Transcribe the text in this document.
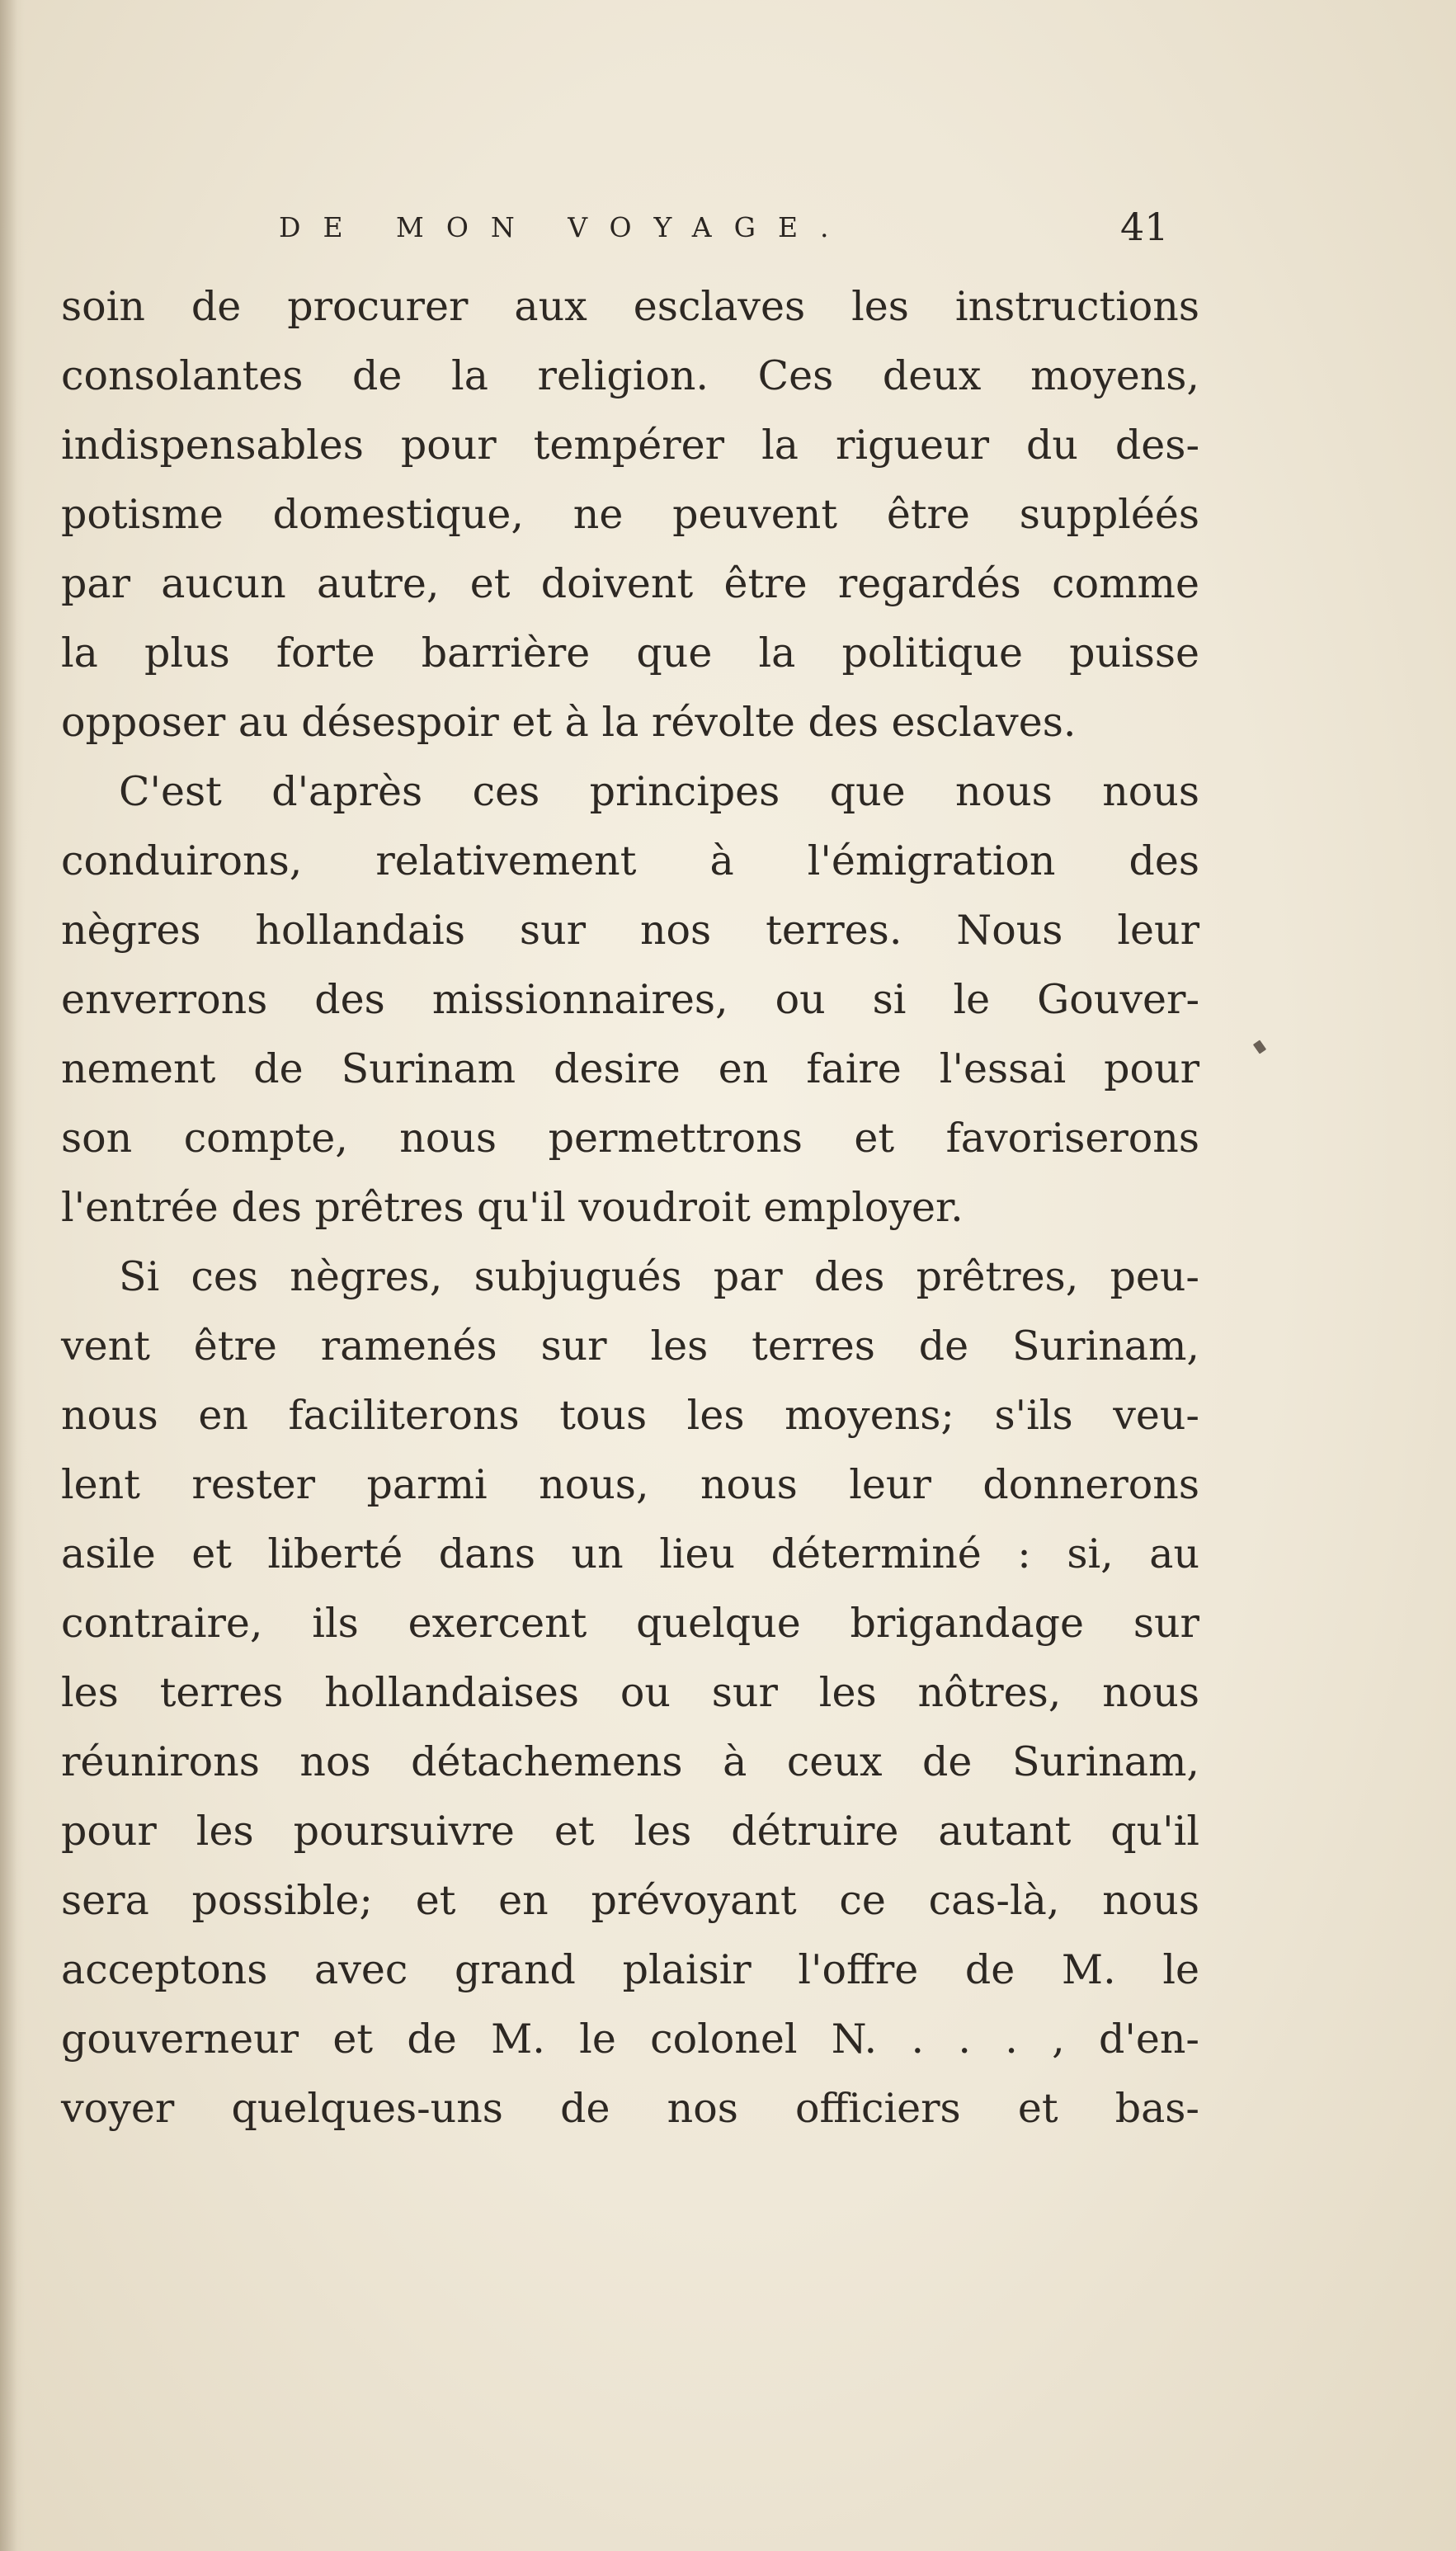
DE MON VOYAGE.	41
soin de procurer aux esclaves les instructions
consolantes de la religion. Ces deux moyens,
indispensables pour tempérer la rigueur du des-
potisme domestique, ne peuvent être suppléés
par aucun autre, et doivent être regardés comme
la plus forte barrière que la politique puisse
opposer au désespoir et à la révolte des esclaves.
C'est d'après ces principes que nous nous
conduirons, relativement à l'émigration des
nègres hollandais sur nos terres. Nous leur
enverrons des missionnaires, ou si le Gouver-
nement de Surinam desire en faire l'essai pour
son compte, nous permettrons et favoriserons
l'entrée des prêtres qu'il voudroit employer.
Si ces nègres, subjugués par des prêtres, peu-
vent être ramenés sur les terres de Surinam,
nous en faciliterons tous les moyens; s'ils veu-
lent rester parmi nous, nous leur donnerons
asile et liberté dans un lieu déterminé : si, au
contraire, ils exercent quelque brigandage sur
les terres hollandaises ou sur les nôtres, nous
réunirons nos détachemens à ceux de Surinam,
pour les poursuivre et les détruire autant qu'il
sera possible; et en prévoyant ce cas-là, nous
acceptons avec grand plaisir l'offre de M. le
gouverneur et de M. le colonel N. . . . , d'en-
voyer quelques-uns de nos officiers et bas-
